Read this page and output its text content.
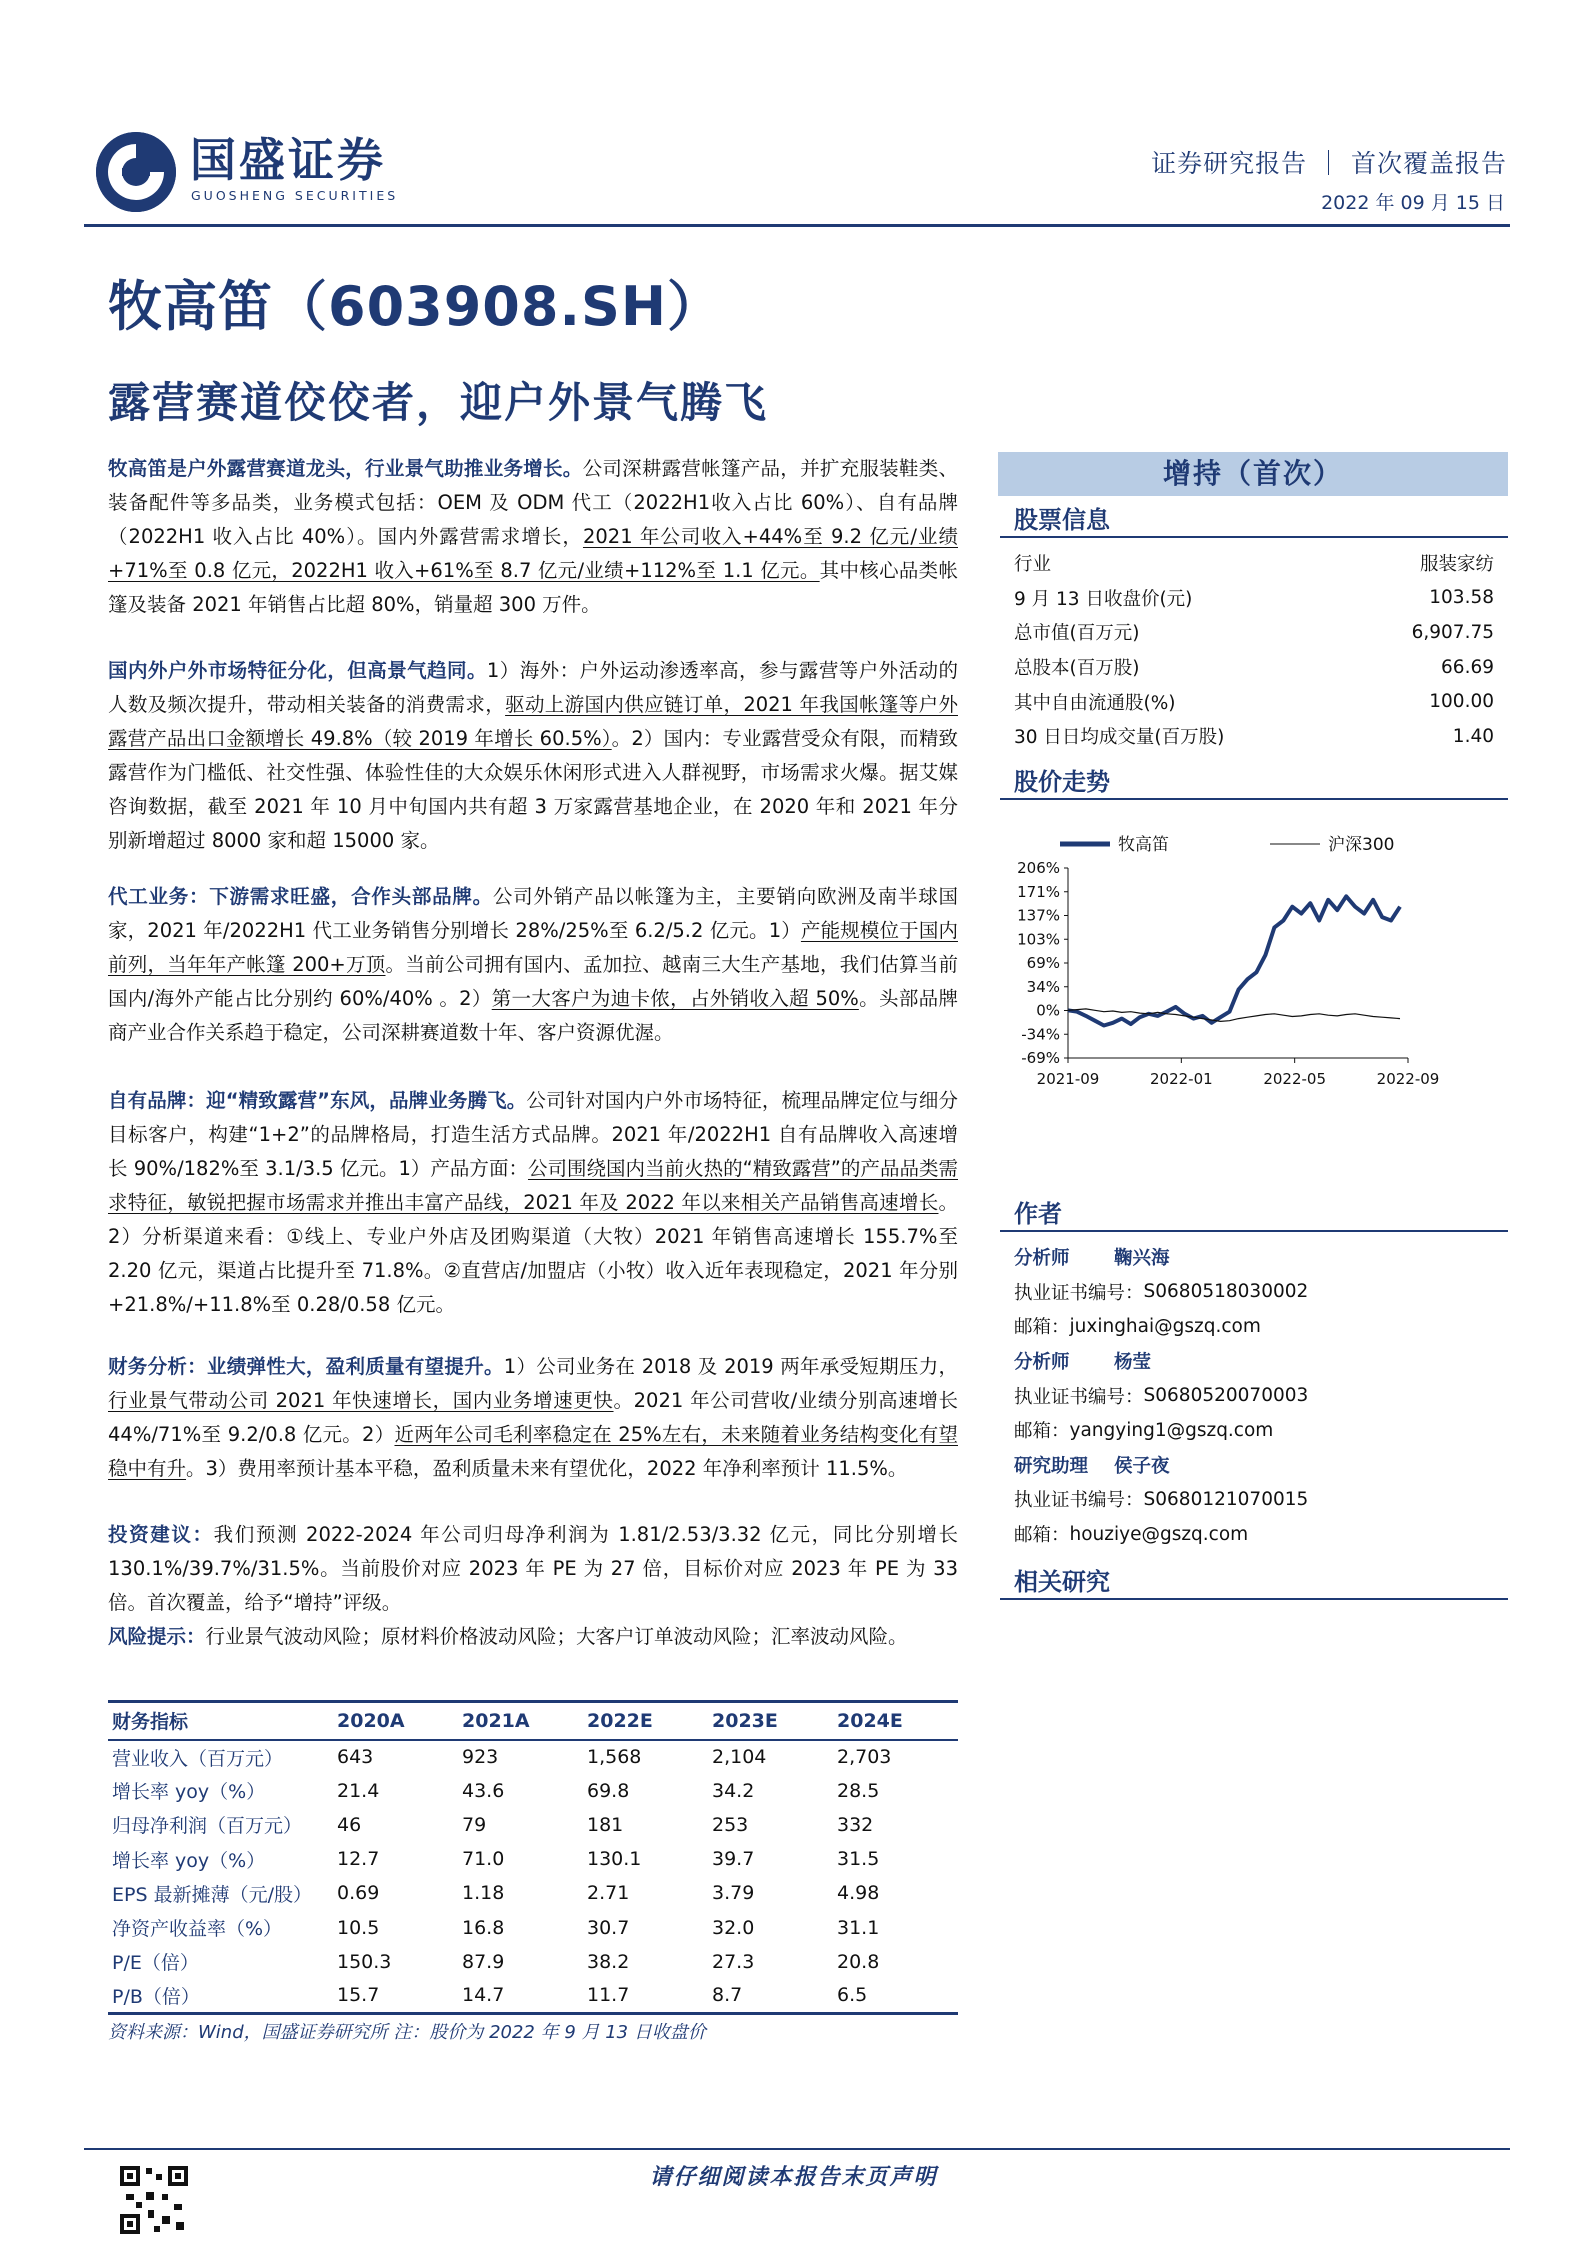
国盛证券
GUOSHENG SECURITIES
证券研究报告 ｜ 首次覆盖报告
2022 年 09 月 15 日
牧高笛（603908.SH）
露营赛道佼佼者，迎户外景气腾飞
牧高笛是户外露营赛道龙头，行业景气助推业务增长。公司深耕露营帐篷产品，并扩充服装鞋类、装备配件等多品类，业务模式包括：OEM 及 ODM 代工（2022H1收入占比 60%）、自有品牌（2022H1 收入占比 40%）。国内外露营需求增长，2021 年公司收入+44%至 9.2 亿元/业绩+71%至 0.8 亿元，2022H1 收入+61%至 8.7 亿元/业绩+112%至 1.1 亿元。其中核心品类帐篷及装备 2021 年销售占比超 80%，销量超 300 万件。
国内外户外市场特征分化，但高景气趋同。1）海外：户外运动渗透率高，参与露营等户外活动的人数及频次提升，带动相关装备的消费需求，驱动上游国内供应链订单，2021 年我国帐篷等户外露营产品出口金额增长 49.8%（较 2019 年增长 60.5%）。2）国内：专业露营受众有限，而精致露营作为门槛低、社交性强、体验性佳的大众娱乐休闲形式进入人群视野，市场需求火爆。据艾媒咨询数据，截至 2021 年 10 月中旬国内共有超 3 万家露营基地企业，在 2020 年和 2021 年分别新增超过 8000 家和超 15000 家。
代工业务：下游需求旺盛，合作头部品牌。公司外销产品以帐篷为主，主要销向欧洲及南半球国家，2021 年/2022H1 代工业务销售分别增长 28%/25%至 6.2/5.2 亿元。1）产能规模位于国内前列，当年年产帐篷 200+万顶。当前公司拥有国内、孟加拉、越南三大生产基地，我们估算当前国内/海外产能占比分别约 60%/40% 。2）第一大客户为迪卡侬，占外销收入超 50%。头部品牌商产业合作关系趋于稳定，公司深耕赛道数十年、客户资源优渥。
自有品牌：迎“精致露营”东风，品牌业务腾飞。公司针对国内户外市场特征，梳理品牌定位与细分目标客户，构建“1+2”的品牌格局，打造生活方式品牌。2021 年/2022H1 自有品牌收入高速增长 90%/182%至 3.1/3.5 亿元。1）产品方面：公司围绕国内当前火热的“精致露营”的产品品类需求特征，敏锐把握市场需求并推出丰富产品线，2021 年及 2022 年以来相关产品销售高速增长。2）分析渠道来看：①线上、专业户外店及团购渠道（大牧）2021 年销售高速增长 155.7%至 2.20 亿元，渠道占比提升至 71.8%。②直营店/加盟店（小牧）收入近年表现稳定，2021 年分别+21.8%/+11.8%至 0.28/0.58 亿元。
财务分析：业绩弹性大，盈利质量有望提升。1）公司业务在 2018 及 2019 两年承受短期压力，行业景气带动公司 2021 年快速增长，国内业务增速更快。2021 年公司营收/业绩分别高速增长 44%/71%至 9.2/0.8 亿元。2）近两年公司毛利率稳定在 25%左右，未来随着业务结构变化有望稳中有升。3）费用率预计基本平稳，盈利质量未来有望优化，2022 年净利率预计 11.5%。
投资建议：我们预测 2022-2024 年公司归母净利润为 1.81/2.53/3.32 亿元，同比分别增长 130.1%/39.7%/31.5%。当前股价对应 2023 年 PE 为 27 倍，目标价对应 2023 年 PE 为 33 倍。首次覆盖，给予“增持”评级。
风险提示：行业景气波动风险；原材料价格波动风险；大客户订单波动风险；汇率波动风险。
财务指标	2020A	2021A	2022E	2023E	2024E
营业收入（百万元）	643	923	1,568	2,104	2,703
增长率 yoy（%）	21.4	43.6	69.8	34.2	28.5
归母净利润（百万元）	46	79	181	253	332
增长率 yoy（%）	12.7	71.0	130.1	39.7	31.5
EPS 最新摊薄（元/股）	0.69	1.18	2.71	3.79	4.98
净资产收益率（%）	10.5	16.8	30.7	32.0	31.1
P/E（倍）	150.3	87.9	38.2	27.3	20.8
P/B（倍）	15.7	14.7	11.7	8.7	6.5
资料来源：Wind，国盛证券研究所 注：股价为 2022 年 9 月 13 日收盘价
增持（首次）
股票信息
行业	服装家纺
9 月 13 日收盘价(元)	103.58
总市值(百万元)	6,907.75
总股本(百万股)	66.69
其中自由流通股(%)	100.00
30 日日均成交量(百万股)	1.40
股价走势
牧高笛	沪深300
206%
171%
137%
103%
69%
34%
0%
-34%
-69%
2021-09	2022-01	2022-05	2022-09
作者
分析师	鞠兴海
执业证书编号： S0680518030002
邮箱： juxinghai@gszq.com
分析师	杨莹
执业证书编号： S0680520070003
邮箱： yangying1@gszq.com
研究助理	侯子夜
执业证书编号： S0680121070015
邮箱： houziye@gszq.com
相关研究
请仔细阅读本报告末页声明
